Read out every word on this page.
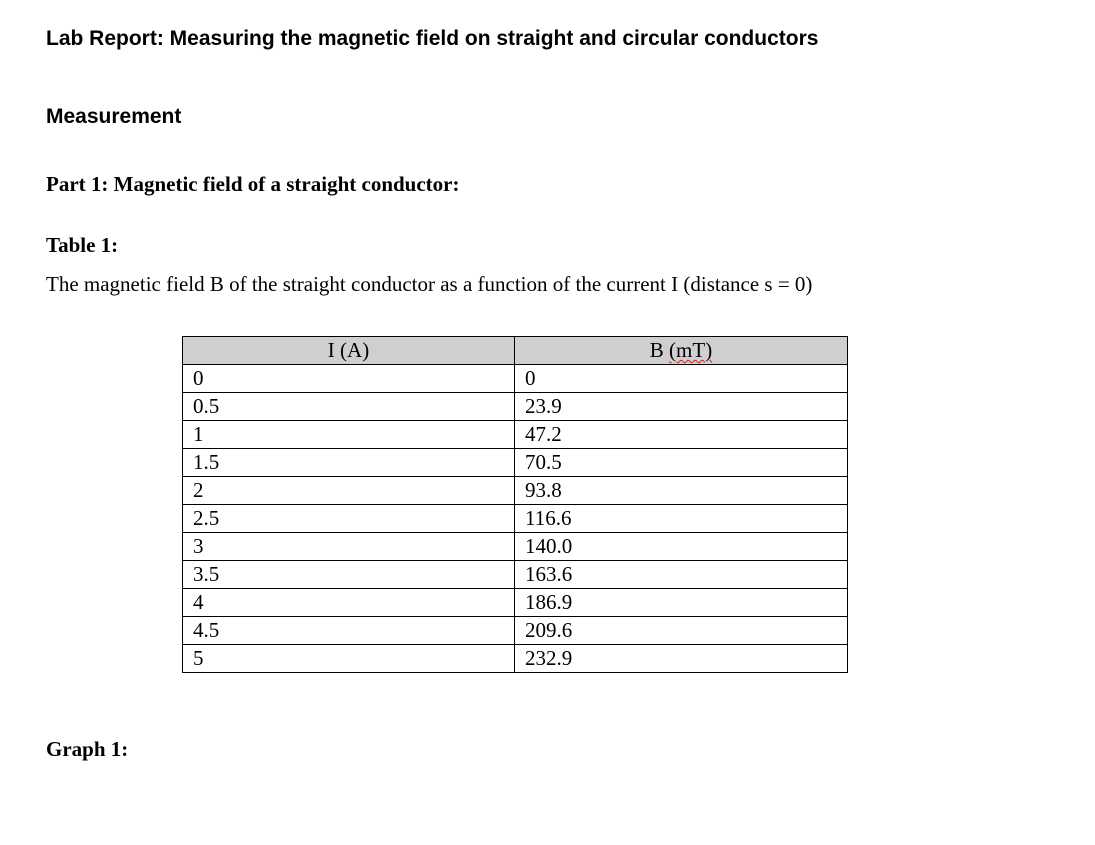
Lab Report: Measuring the magnetic field on straight and circular conductors
Measurement
Part 1: Magnetic field of a straight conductor:
Table 1:
The magnetic field B of the straight conductor as a function of the current I (distance s = 0)
I (A)	B (mT)
0	0
0.5	23.9
1	47.2
1.5	70.5
2	93.8
2.5	116.6
3	140.0
3.5	163.6
4	186.9
4.5	209.6
5	232.9
Graph 1:
